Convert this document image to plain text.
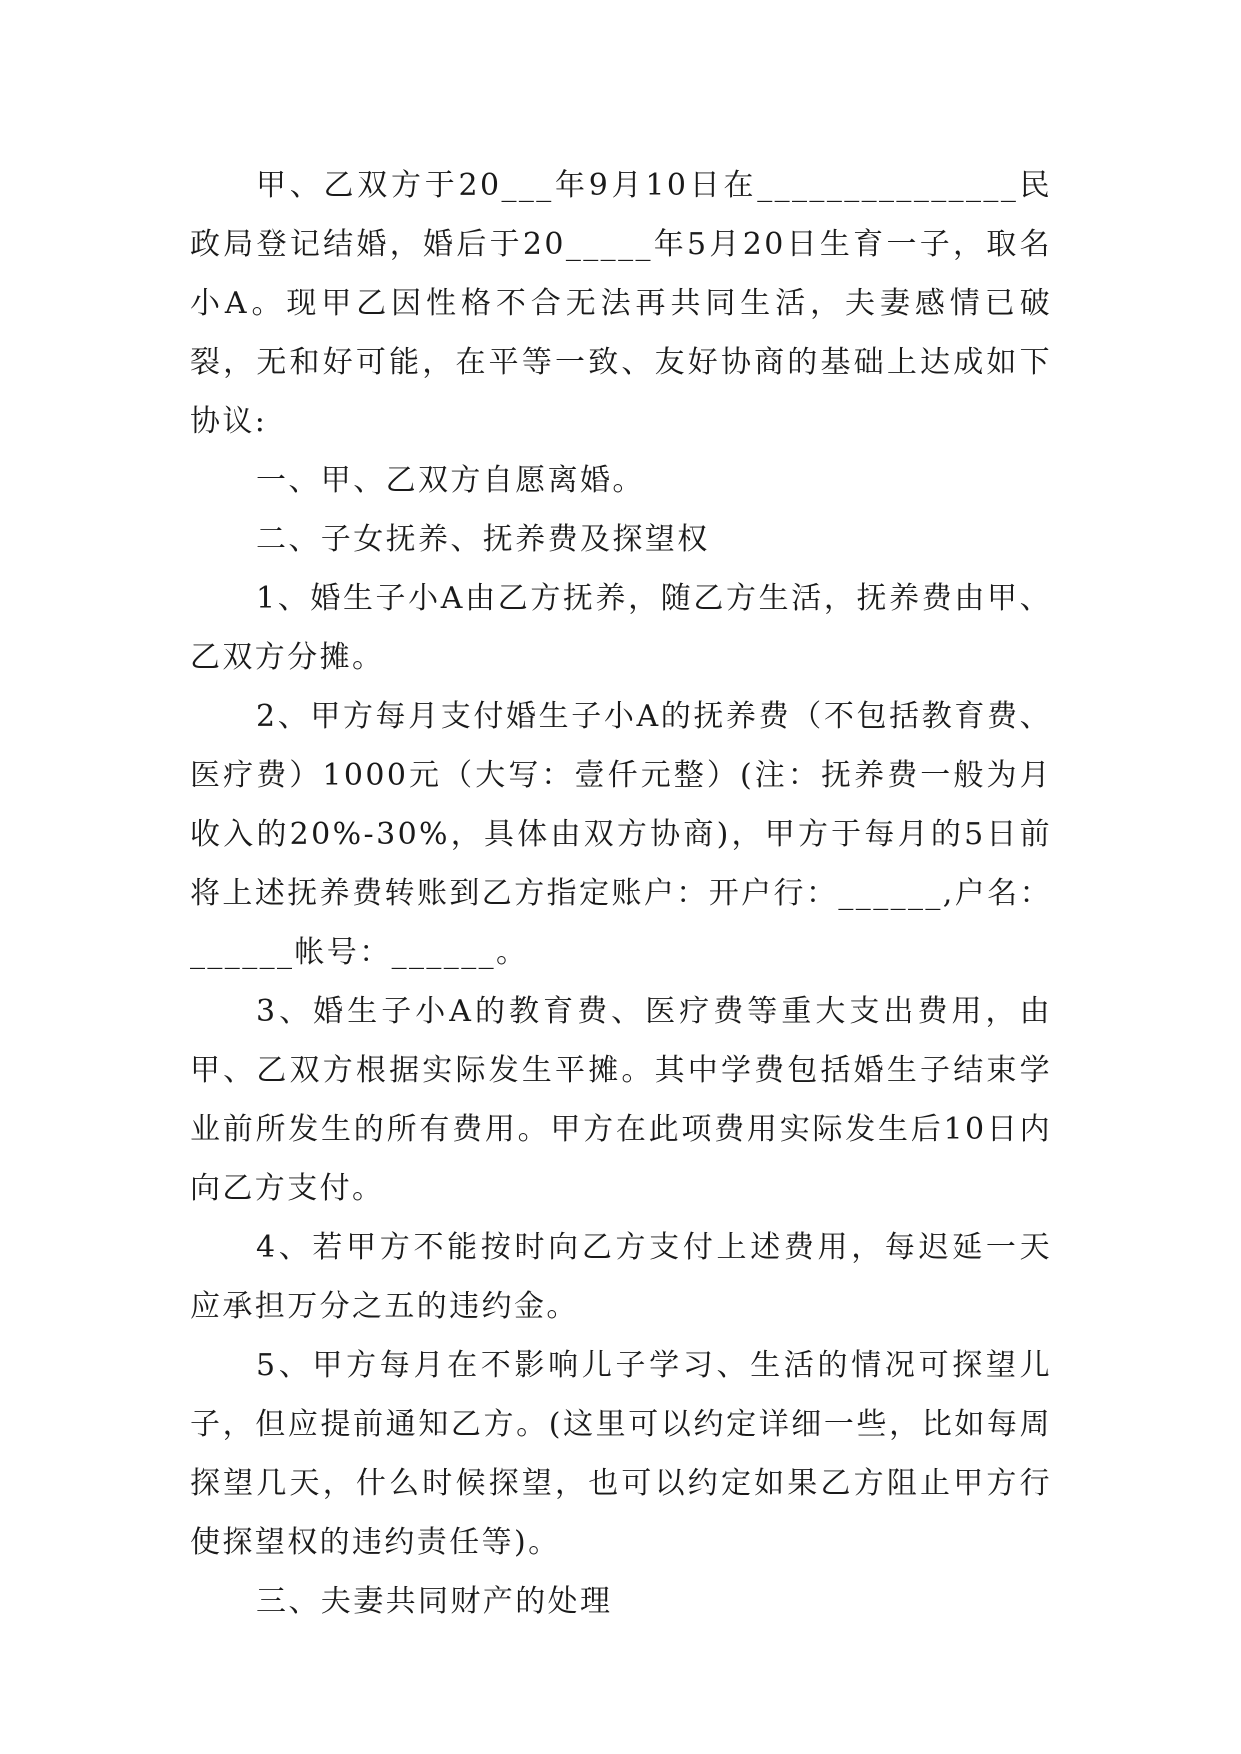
甲、乙双方于20___年9月10日在_______________民政局登记结婚，婚后于20_____年5月20日生育一子，取名小A。现甲乙因性格不合无法再共同生活，夫妻感情已破裂，无和好可能，在平等一致、友好协商的基础上达成如下协议:

一、甲、乙双方自愿离婚。

二、子女抚养、抚养费及探望权

1、婚生子小A由乙方抚养，随乙方生活，抚养费由甲、乙双方分摊。

2、甲方每月支付婚生子小A的抚养费（不包括教育费、医疗费）1000元（大写：壹仟元整）(注：抚养费一般为月收入的20%-30%，具体由双方协商)，甲方于每月的5日前将上述抚养费转账到乙方指定账户：开户行：______,户名：______帐号：______。

3、婚生子小A的教育费、医疗费等重大支出费用，由甲、乙双方根据实际发生平摊。其中学费包括婚生子结束学业前所发生的所有费用。甲方在此项费用实际发生后10日内向乙方支付。

4、若甲方不能按时向乙方支付上述费用，每迟延一天应承担万分之五的违约金。

5、甲方每月在不影响儿子学习、生活的情况可探望儿子，但应提前通知乙方。(这里可以约定详细一些，比如每周探望几天，什么时候探望，也可以约定如果乙方阻止甲方行使探望权的违约责任等)。

三、夫妻共同财产的处理
